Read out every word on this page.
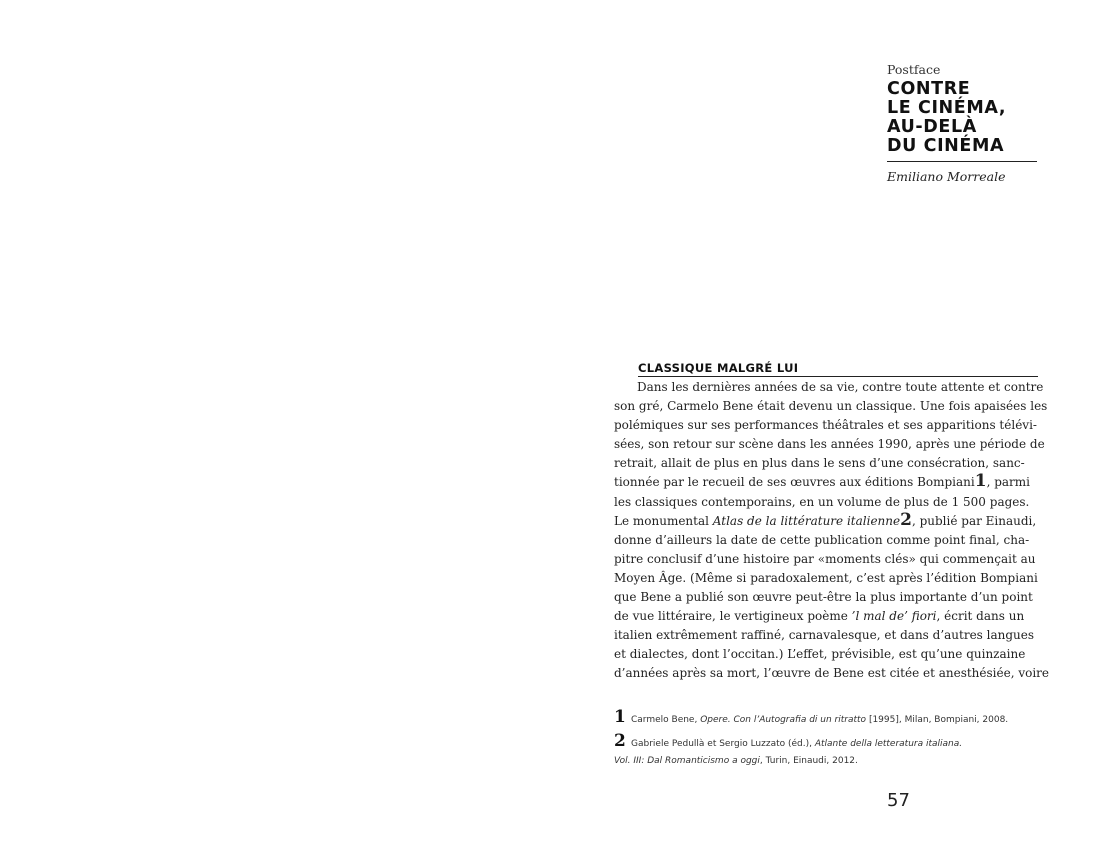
Postface
CONTRE
LE CINÉMA,
AU-DELÀ
DU CINÉMA
Emiliano Morreale
CLASSIQUE MALGRÉ LUI
Dans les dernières années de sa vie, contre toute attente et contre
son gré, Carmelo Bene était devenu un classique. Une fois apaisées les
polémiques sur ses performances théâtrales et ses apparitions télévi-
sées, son retour sur scène dans les années 1990, après une période de
retrait, allait de plus en plus dans le sens d’une consécration, sanc-
tionnée par le recueil de ses œuvres aux éditions Bompiani1, parmi
les classiques contemporains, en un volume de plus de 1 500 pages.
Le monumental Atlas de la littérature italienne2, publié par Einaudi,
donne d’ailleurs la date de cette publication comme point final, cha-
pitre conclusif d’une histoire par «moments clés» qui commençait au
Moyen Âge. (Même si paradoxalement, c’est après l’édition Bompiani
que Bene a publié son œuvre peut-être la plus importante d’un point
de vue littéraire, le vertigineux poème ’l mal de’ fiori, écrit dans un
italien extrêmement raffiné, carnavalesque, et dans d’autres langues
et dialectes, dont l’occitan.) L’effet, prévisible, est qu’une quinzaine
d’années après sa mort, l’œuvre de Bene est citée et anesthésiée, voire
1 Carmelo Bene, Opere. Con l’Autografia di un ritratto [1995], Milan, Bompiani, 2008.
2 Gabriele Pedullà et Sergio Luzzato (éd.), Atlante della letteratura italiana.
Vol. III: Dal Romanticismo a oggi, Turin, Einaudi, 2012.
57
